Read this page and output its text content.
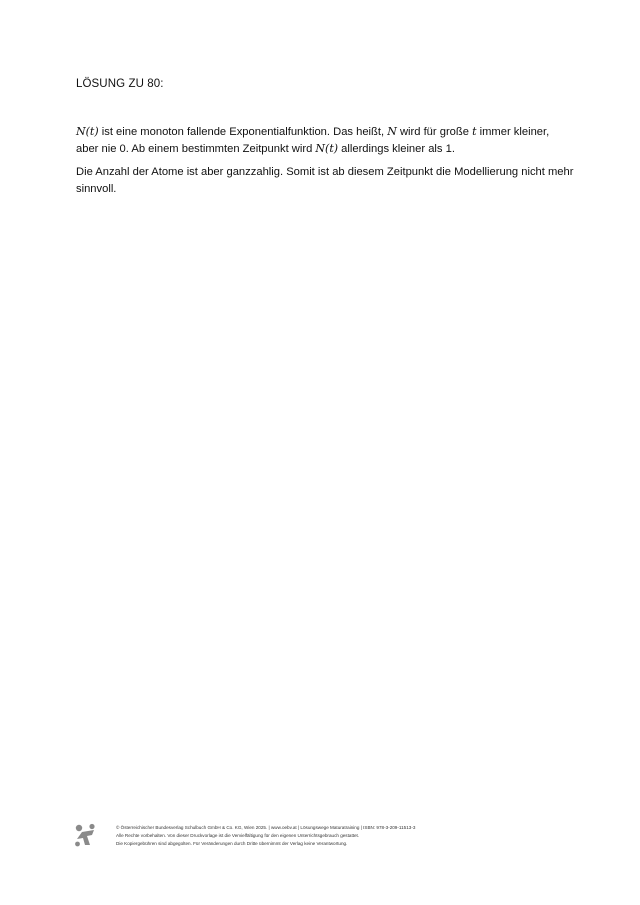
LÖSUNG ZU 80:
N(t) ist eine monoton fallende Exponentialfunktion. Das heißt, N wird für große t immer kleiner,
aber nie 0. Ab einem bestimmten Zeitpunkt wird N(t) allerdings kleiner als 1.
Die Anzahl der Atome ist aber ganzzahlig. Somit ist ab diesem Zeitpunkt die Modellierung nicht mehr sinnvoll.
© Österreichischer Bundesverlag Schulbuch GmbH & Co. KG, Wien 2025. | www.oebv.at | Lösungswege Maturatraining | ISBN: 978-3-209-11513-3
Alle Rechte vorbehalten. Von dieser Druckvorlage ist die Vervielfältigung für den eigenen Unterrichtsgebrauch gestattet.
Die Kopiergebühren sind abgegolten. Für Veränderungen durch Dritte übernimmt der Verlag keine Verantwortung.
